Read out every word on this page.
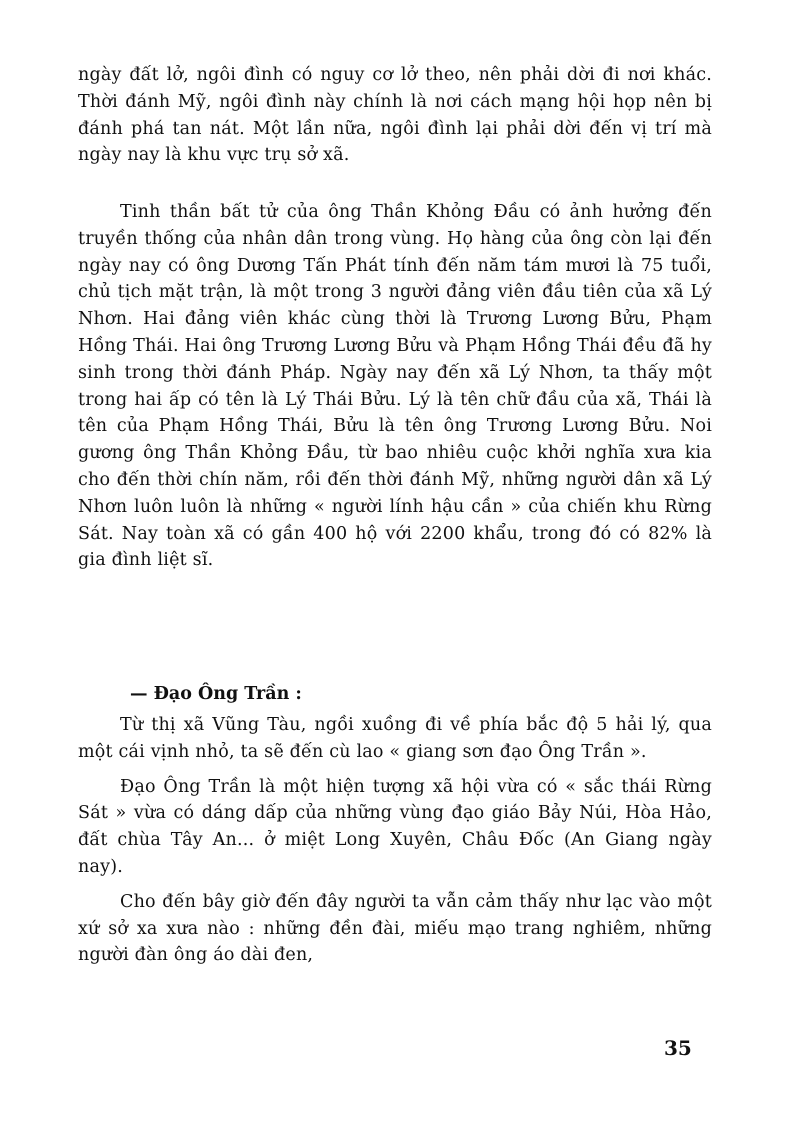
ngày đất lở, ngôi đình có nguy cơ lở theo, nên phải dời đi nơi khác. Thời đánh Mỹ, ngôi đình này chính là nơi cách mạng hội họp nên bị đánh phá tan nát. Một lần nữa, ngôi đình lại phải dời đến vị trí mà ngày nay là khu vực trụ sở xã.

Tinh thần bất tử của ông Thần Khỏng Đầu có ảnh hưởng đến truyền thống của nhân dân trong vùng. Họ hàng của ông còn lại đến ngày nay có ông Dương Tấn Phát tính đến năm tám mươi là 75 tuổi, chủ tịch mặt trận, là một trong 3 người đảng viên đầu tiên của xã Lý Nhơn. Hai đảng viên khác cùng thời là Trương Lương Bửu, Phạm Hồng Thái. Hai ông Trương Lương Bửu và Phạm Hồng Thái đều đã hy sinh trong thời đánh Pháp. Ngày nay đến xã Lý Nhơn, ta thấy một trong hai ấp có tên là Lý Thái Bửu. Lý là tên chữ đầu của xã, Thái là tên của Phạm Hồng Thái, Bửu là tên ông Trương Lương Bửu. Noi gương ông Thần Khỏng Đầu, từ bao nhiêu cuộc khởi nghĩa xưa kia cho đến thời chín năm, rồi đến thời đánh Mỹ, những người dân xã Lý Nhơn luôn luôn là những « người lính hậu cần » của chiến khu Rừng Sát. Nay toàn xã có gần 400 hộ với 2200 khẩu, trong đó có 82% là gia đình liệt sĩ.

— Đạo Ông Trần :

Từ thị xã Vũng Tàu, ngồi xuồng đi về phía bắc độ 5 hải lý, qua một cái vịnh nhỏ, ta sẽ đến cù lao « giang sơn đạo Ông Trần ».

Đạo Ông Trần là một hiện tượng xã hội vừa có « sắc thái Rừng Sát » vừa có dáng dấp của những vùng đạo giáo Bảy Núi, Hòa Hảo, đất chùa Tây An... ở miệt Long Xuyên, Châu Đốc (An Giang ngày nay).

Cho đến bây giờ đến đây người ta vẫn cảm thấy như lạc vào một xứ sở xa xưa nào : những đền đài, miếu mạo trang nghiêm, những người đàn ông áo dài đen,

35
